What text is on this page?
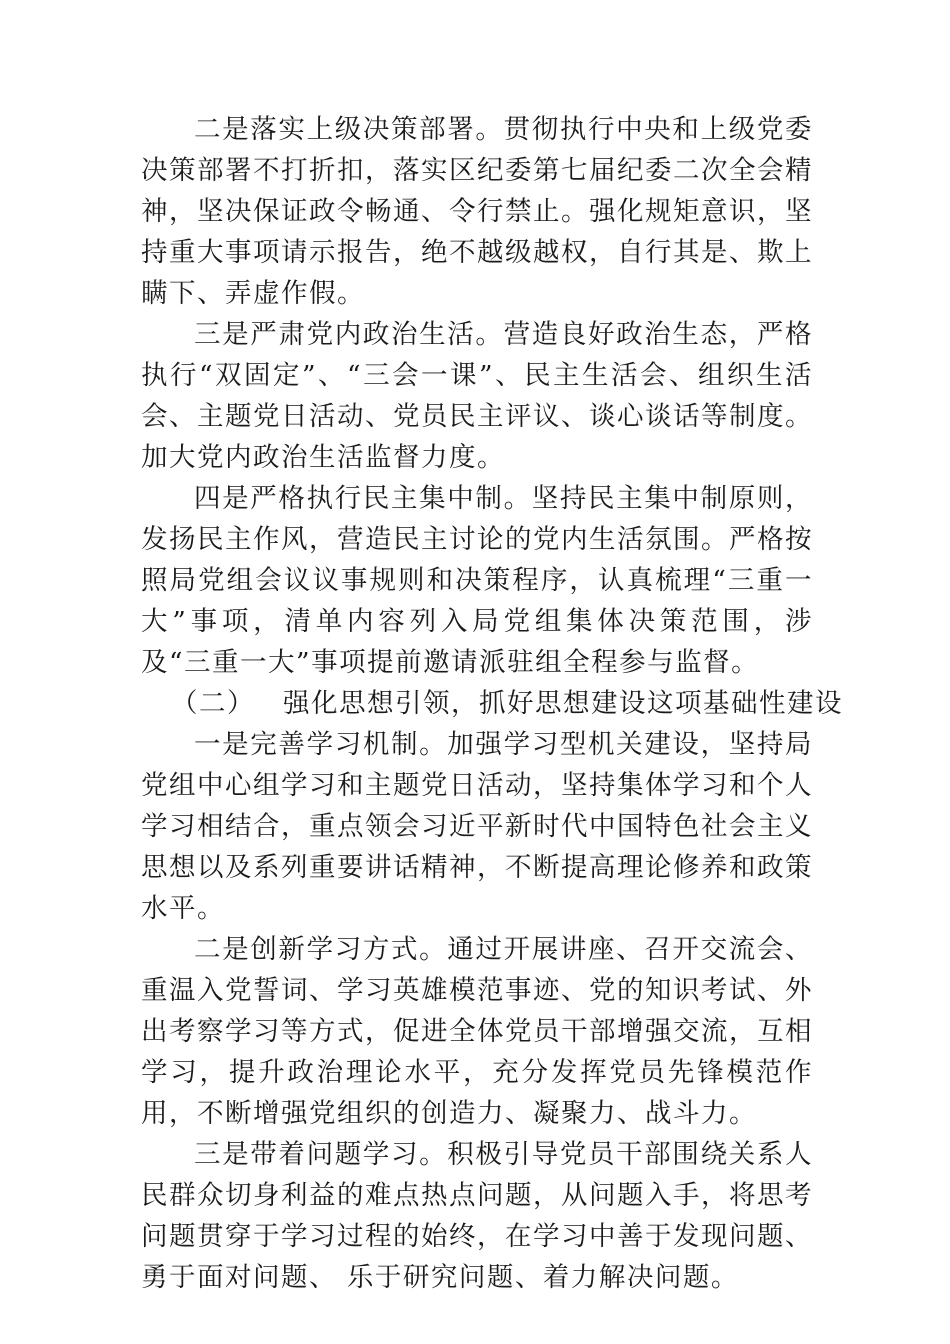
二是落实上级决策部署。贯彻执行中央和上级党委决策部署不打折扣，落实区纪委第七届纪委二次全会精神，坚决保证政令畅通、令行禁止。强化规矩意识，坚持重大事项请示报告，绝不越级越权，自行其是、欺上瞒下、弄虚作假。

三是严肃党内政治生活。营造良好政治生态，严格执行“双固定”、“三会一课”、民主生活会、组织生活会、主题党日活动、党员民主评议、谈心谈话等制度。加大党内政治生活监督力度。

四是严格执行民主集中制。坚持民主集中制原则，发扬民主作风，营造民主讨论的党内生活氛围。严格按照局党组会议议事规则和决策程序，认真梳理“三重一大”事项，清单内容列入局党组集体决策范围，涉及“三重一大”事项提前邀请派驻组全程参与监督。

（二） 强化思想引领，抓好思想建设这项基础性建设

一是完善学习机制。加强学习型机关建设，坚持局党组中心组学习和主题党日活动，坚持集体学习和个人学习相结合，重点领会习近平新时代中国特色社会主义思想以及系列重要讲话精神，不断提高理论修养和政策水平。

二是创新学习方式。通过开展讲座、召开交流会、重温入党誓词、学习英雄模范事迹、党的知识考试、外出考察学习等方式，促进全体党员干部增强交流，互相学习，提升政治理论水平，充分发挥党员先锋模范作用，不断增强党组织的创造力、凝聚力、战斗力。

三是带着问题学习。积极引导党员干部围绕关系人民群众切身利益的难点热点问题，从问题入手，将思考问题贯穿于学习过程的始终，在学习中善于发现问题、勇于面对问题、 乐于研究问题、着力解决问题。
